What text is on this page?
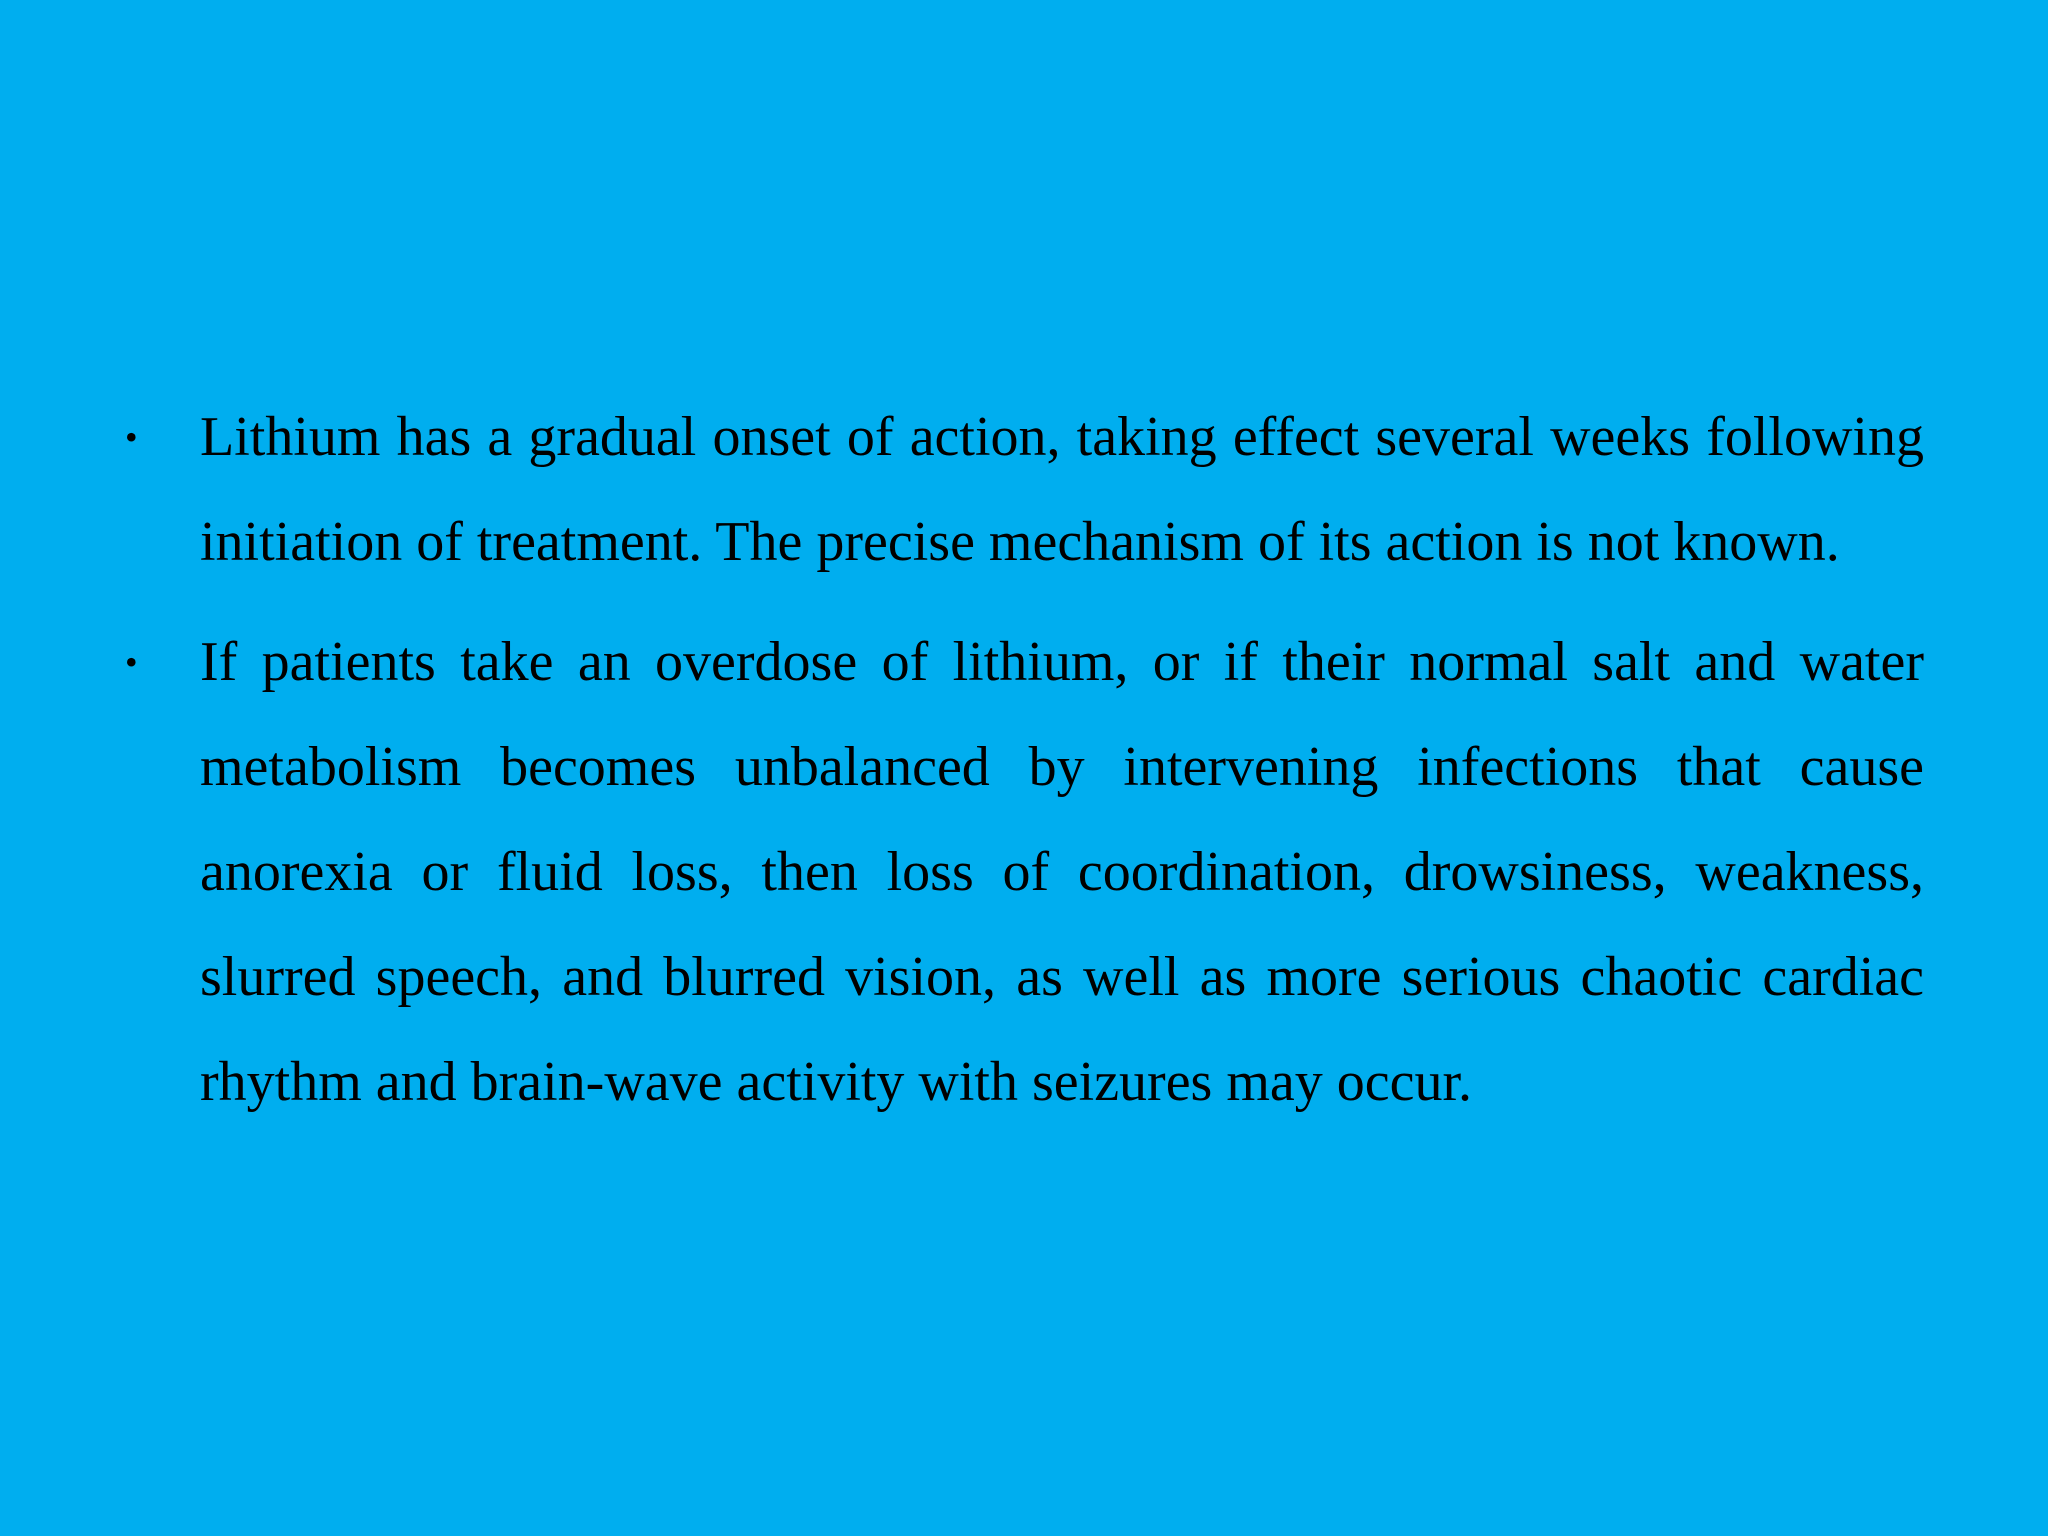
•	Lithium has a gradual onset of action, taking effect several weeks following initiation of treatment. The precise mechanism of its action is not known.

•	If patients take an overdose of lithium, or if their normal salt and water metabolism becomes unbalanced by intervening infections that cause anorexia or fluid loss, then loss of coordination, drowsiness, weakness, slurred speech, and blurred vision, as well as more serious chaotic cardiac rhythm and brain-wave activity with seizures may occur.
